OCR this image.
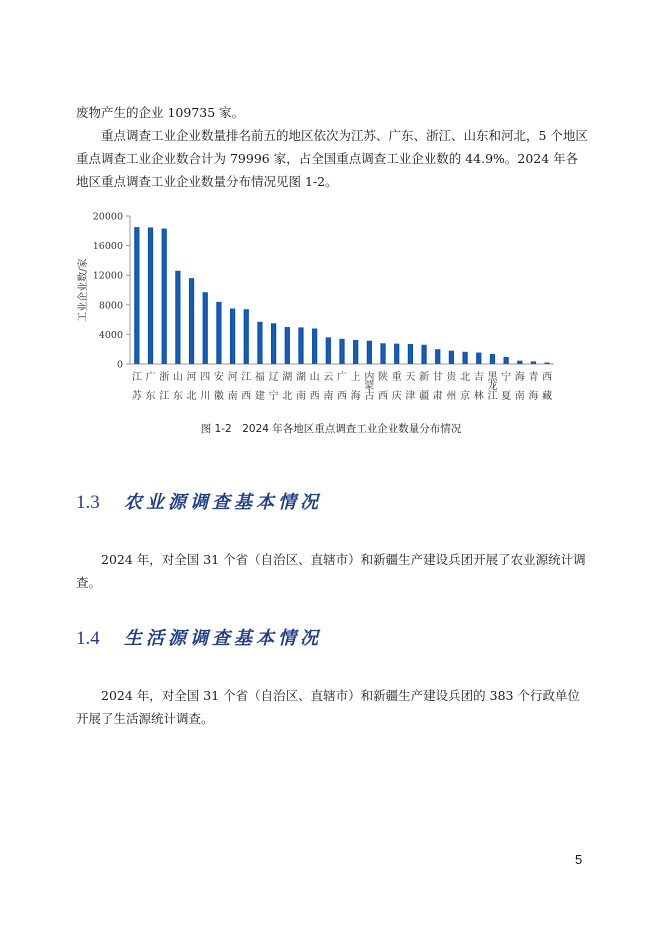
废物产生的企业 109735 家。

重点调查工业企业数量排名前五的地区依次为江苏、广东、浙江、山东和河北，5 个地区重点调查工业企业数合计为 79996 家，占全国重点调查工业企业数的 44.9%。2024 年各地区重点调查工业企业数量分布情况见图 1-2。

0
4000
8000
12000
16000
20000
工业企业数/家
江苏
广东
浙江
山东
河北
四川
安徽
河南
江西
福建
辽宁
湖北
湖南
山西
云南
广西
上海
内蒙古
陕西
重庆
天津
新疆
甘肃
贵州
北京
吉林
黑龙江
宁夏
海南
青海
西藏
图 1-2　2024 年各地区重点调查工业企业数量分布情况
1.3 农业源调查基本情况

2024 年，对全国 31 个省（自治区、直辖市）和新疆生产建设兵团开展了农业源统计调查。

1.4 生活源调查基本情况

2024 年，对全国 31 个省（自治区、直辖市）和新疆生产建设兵团的 383 个行政单位开展了生活源统计调查。

5
